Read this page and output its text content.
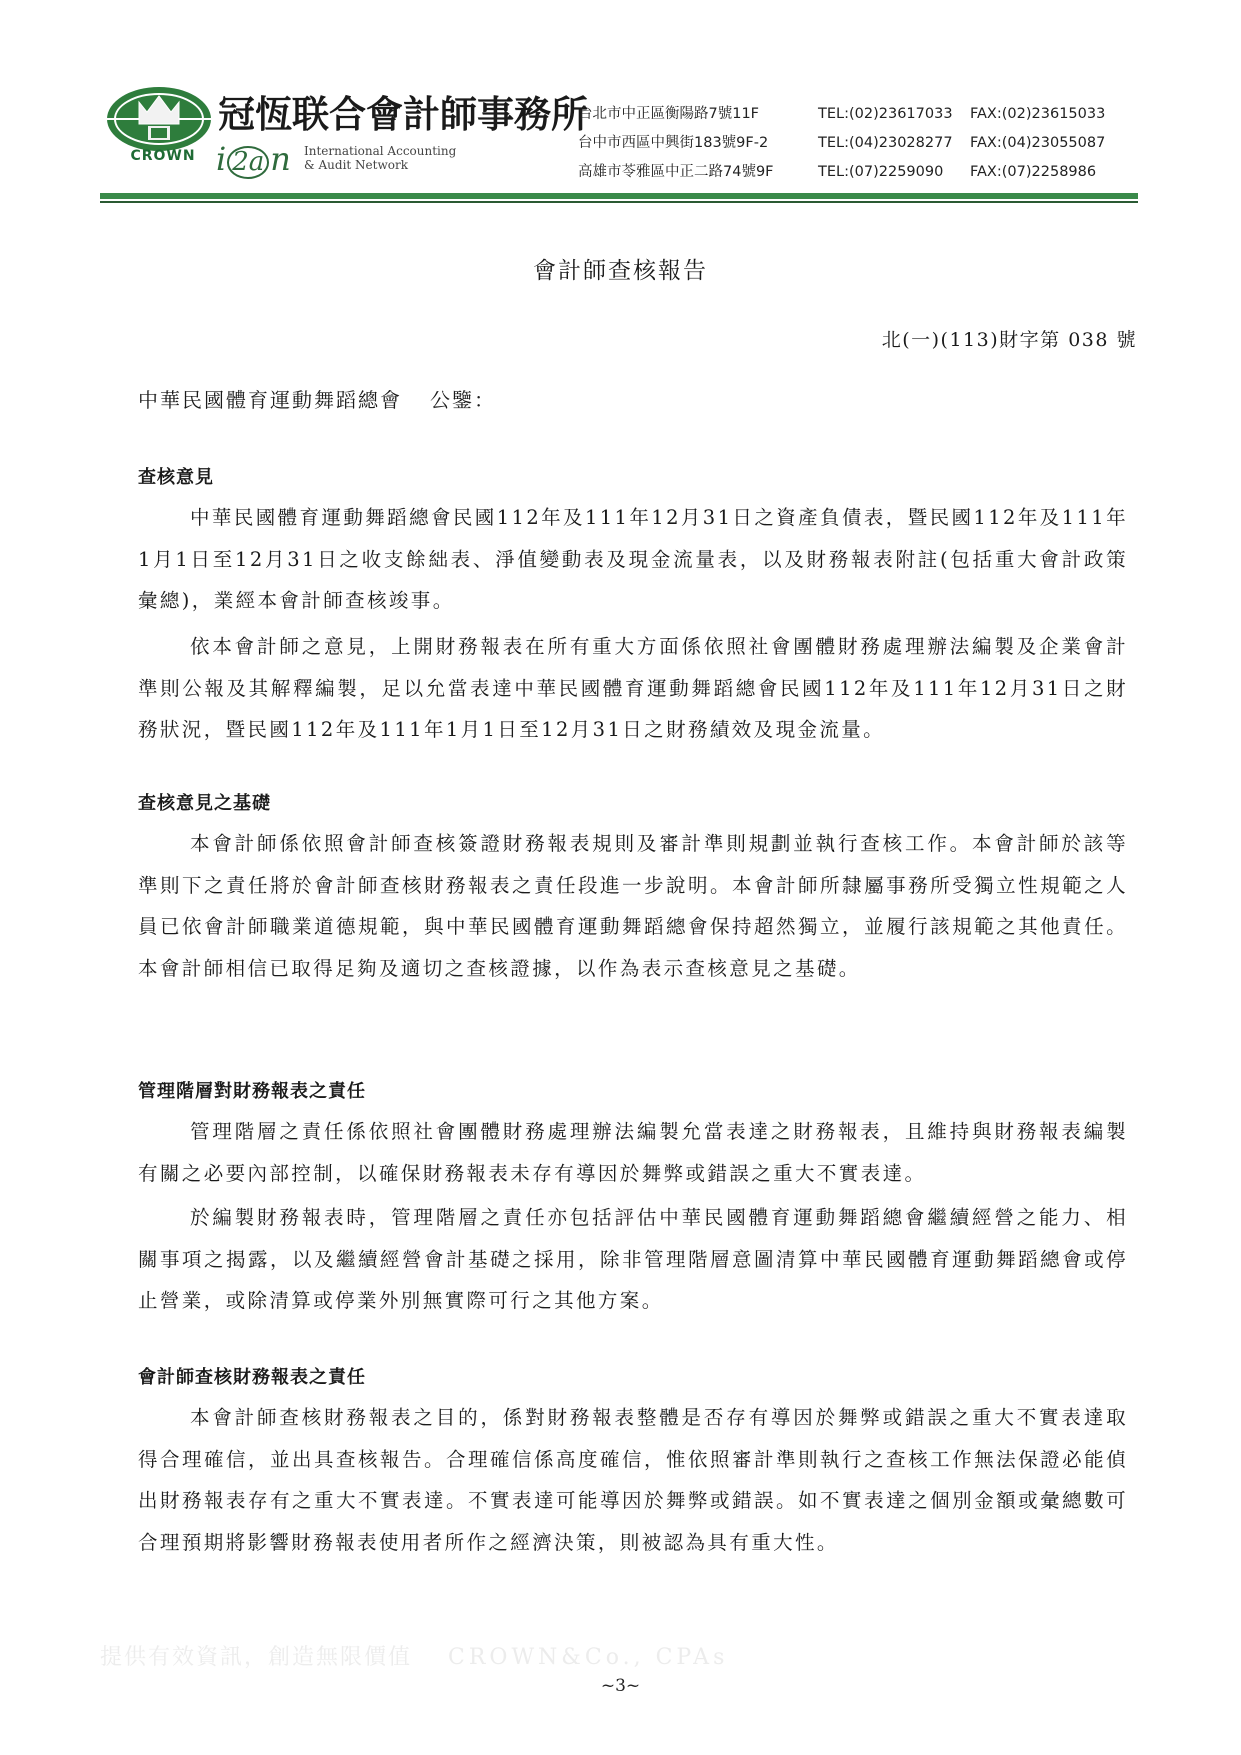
CROWN
冠恆联合會計師事務所
i 2a n International Accounting
& Audit Network
台北市中正區衡陽路7號11F	TEL:(02)23617033 FAX:(02)23615033
台中市西區中興街183號9F-2	TEL:(04)23028277 FAX:(04)23055087
高雄市苓雅區中正二路74號9F	TEL:(07)2259090 FAX:(07)2258986
會計師查核報告
北(一)(113)財字第 038 號
中華民國體育運動舞蹈總會 公鑒：
查核意見

中華民國體育運動舞蹈總會民國112年及111年12月31日之資產負債表，暨民國112年及111年1月1日至12月31日之收支餘絀表、淨值變動表及現金流量表，以及財務報表附註(包括重大會計政策彙總)，業經本會計師查核竣事。

依本會計師之意見，上開財務報表在所有重大方面係依照社會團體財務處理辦法編製及企業會計準則公報及其解釋編製，足以允當表達中華民國體育運動舞蹈總會民國112年及111年12月31日之財務狀況，暨民國112年及111年1月1日至12月31日之財務績效及現金流量。

查核意見之基礎

本會計師係依照會計師查核簽證財務報表規則及審計準則規劃並執行查核工作。本會計師於該等準則下之責任將於會計師查核財務報表之責任段進一步說明。本會計師所隸屬事務所受獨立性規範之人員已依會計師職業道德規範，與中華民國體育運動舞蹈總會保持超然獨立，並履行該規範之其他責任。本會計師相信已取得足夠及適切之查核證據，以作為表示查核意見之基礎。

管理階層對財務報表之責任

管理階層之責任係依照社會團體財務處理辦法編製允當表達之財務報表，且維持與財務報表編製有關之必要內部控制，以確保財務報表未存有導因於舞弊或錯誤之重大不實表達。

於編製財務報表時，管理階層之責任亦包括評估中華民國體育運動舞蹈總會繼續經營之能力、相關事項之揭露，以及繼續經營會計基礎之採用，除非管理階層意圖清算中華民國體育運動舞蹈總會或停止營業，或除清算或停業外別無實際可行之其他方案。

會計師查核財務報表之責任

本會計師查核財務報表之目的，係對財務報表整體是否存有導因於舞弊或錯誤之重大不實表達取得合理確信，並出具查核報告。合理確信係高度確信，惟依照審計準則執行之查核工作無法保證必能偵出財務報表存有之重大不實表達。不實表達可能導因於舞弊或錯誤。如不實表達之個別金額或彙總數可合理預期將影響財務報表使用者所作之經濟決策，則被認為具有重大性。

提供有效資訊，創造無限價值 CROWN&Co., CPAs
~3~
